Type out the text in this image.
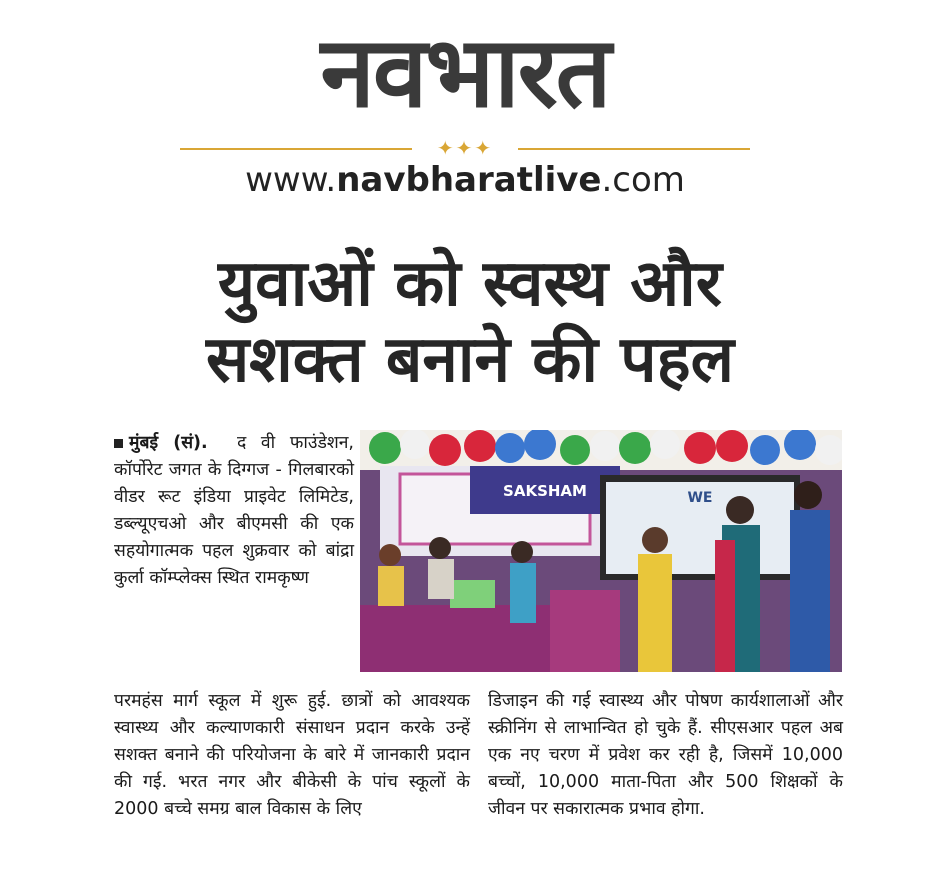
नवभारत
✦✦✦
www.navbharatlive.com
युवाओं को स्वस्थ और
सशक्त बनाने की पहल
मुंबई (सं). द वी फाउंडेशन, कॉर्पोरेट जगत के दिग्गज - गिलबारको वीडर रूट इंडिया प्राइवेट लिमिटेड, डब्ल्यूएचओ और बीएमसी की एक सहयोगात्मक पहल शुक्रवार को बांद्रा कुर्ला कॉम्प्लेक्स स्थित रामकृष्ण
SAKSHAM	WE
परमहंस मार्ग स्कूल में शुरू हुई. छात्रों को आवश्यक स्वास्थ्य और कल्याणकारी संसाधन प्रदान करके उन्हें सशक्त बनाने की परियोजना के बारे में जानकारी प्रदान की गई. भरत नगर और बीकेसी के पांच स्कूलों के 2000 बच्चे समग्र बाल विकास के लिए
डिजाइन की गई स्वास्थ्य और पोषण कार्यशालाओं और स्क्रीनिंग से लाभान्वित हो चुके हैं. सीएसआर पहल अब एक नए चरण में प्रवेश कर रही है, जिसमें 10,000 बच्चों, 10,000 माता-पिता और 500 शिक्षकों के जीवन पर सकारात्मक प्रभाव होगा.
